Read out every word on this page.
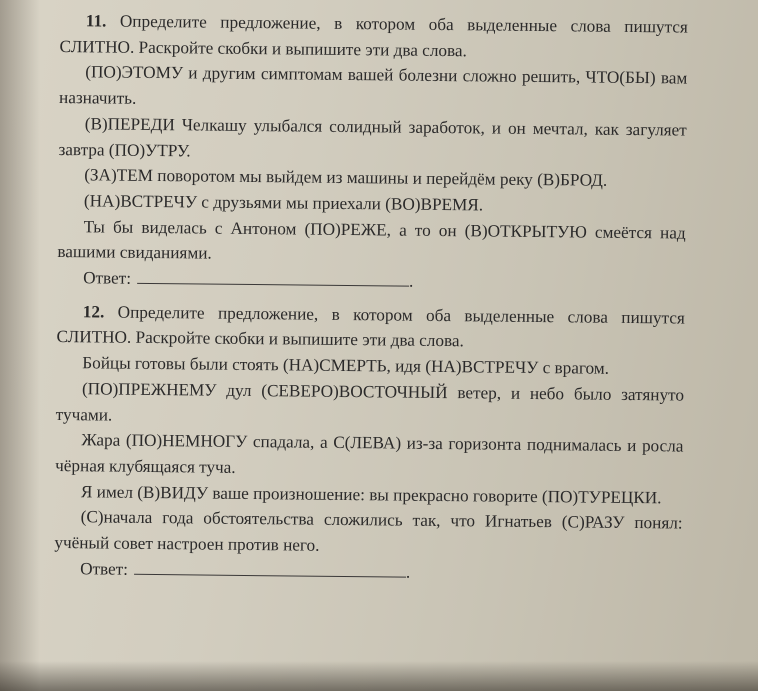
11. Определите предложение, в котором оба выделенные слова пишутся СЛИТНО. Раскройте скобки и выпишите эти два слова.

(ПО)ЭТОМУ и другим симптомам вашей болезни сложно решить, ЧТО(БЫ) вам назначить.

(В)ПЕРЕДИ Челкашу улыбался солидный заработок, и он мечтал, как загуляет завтра (ПО)УТРУ.

(ЗА)ТЕМ поворотом мы выйдем из машины и перейдём реку (В)БРОД.

(НА)ВСТРЕЧУ с друзьями мы приехали (ВО)ВРЕМЯ.

Ты бы виделась с Антоном (ПО)РЕЖЕ, а то он (В)ОТКРЫТУЮ смеётся над вашими свиданиями.

Ответ:	.

12. Определите предложение, в котором оба выделенные слова пишутся СЛИТНО. Раскройте скобки и выпишите эти два слова.

Бойцы готовы были стоять (НА)СМЕРТЬ, идя (НА)ВСТРЕЧУ с врагом.

(ПО)ПРЕЖНЕМУ дул (СЕВЕРО)ВОСТОЧНЫЙ ветер, и небо было затянуто тучами.

Жара (ПО)НЕМНОГУ спадала, а С(ЛЕВА) из-за горизонта поднималась и росла чёрная клубящаяся туча.

Я имел (В)ВИДУ ваше произношение: вы прекрасно говорите (ПО)ТУРЕЦКИ.

(С)начала года обстоятельства сложились так, что Игнатьев (С)РАЗУ понял: учёный совет настроен против него.

Ответ:	.
